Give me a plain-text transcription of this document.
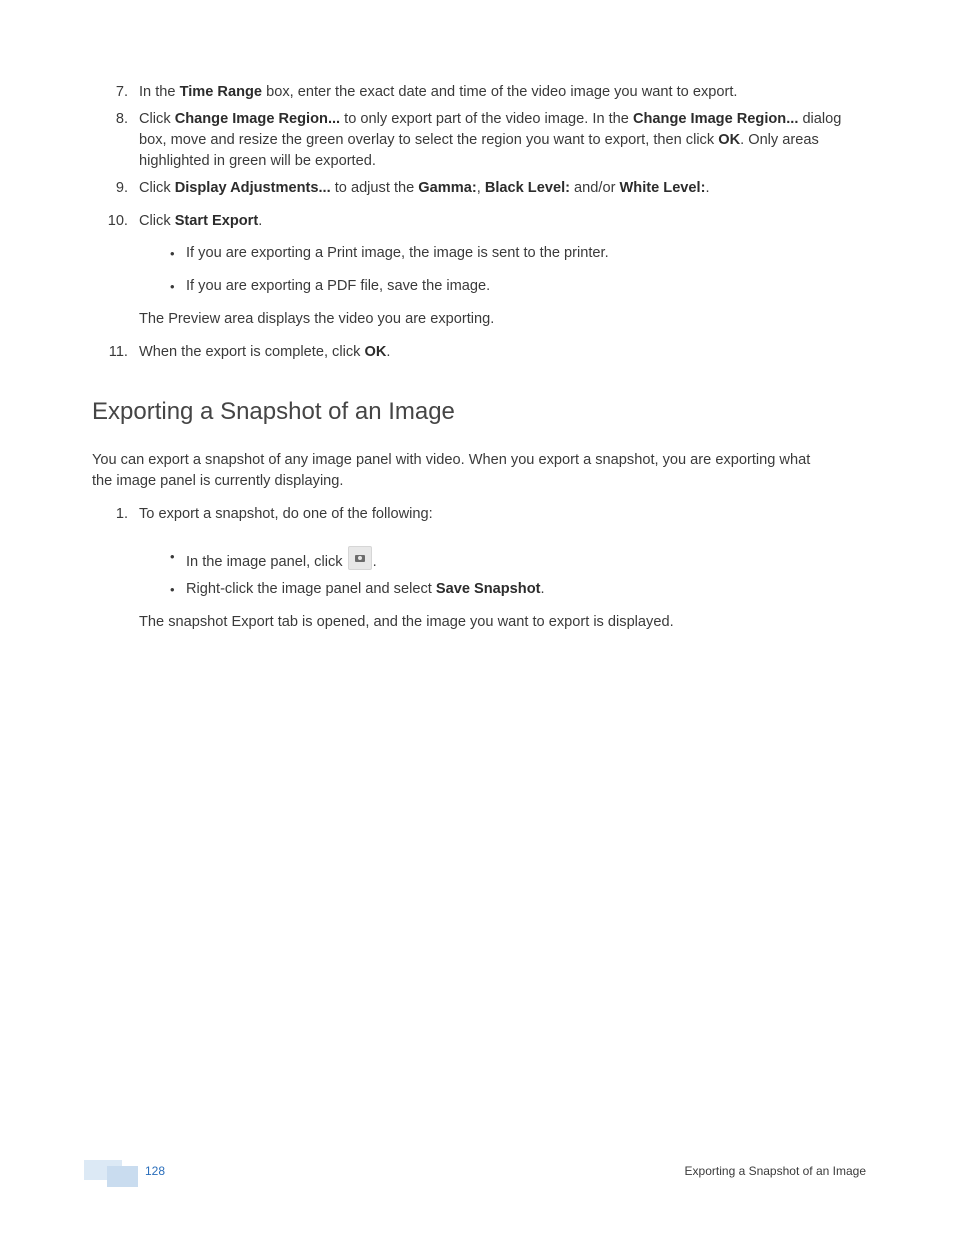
7. In the Time Range box, enter the exact date and time of the video image you want to export.
8. Click Change Image Region... to only export part of the video image. In the Change Image Region... dialog
box, move and resize the green overlay to select the region you want to export, then click OK. Only areas
highlighted in green will be exported.
9. Click Display Adjustments... to adjust the Gamma:, Black Level: and/or White Level:.
10. Click Start Export.
• If you are exporting a Print image, the image is sent to the printer.
• If you are exporting a PDF file, save the image.

The Preview area displays the video you are exporting.

11. When the export is complete, click OK.
Exporting a Snapshot of an Image
You can export a snapshot of any image panel with video. When you export a snapshot, you are exporting what
the image panel is currently displaying.
1. To export a snapshot, do one of the following:
• In the image panel, click .
• Right-click the image panel and select Save Snapshot.

The snapshot Export tab is opened, and the image you want to export is displayed.

128	Exporting a Snapshot of an Image
